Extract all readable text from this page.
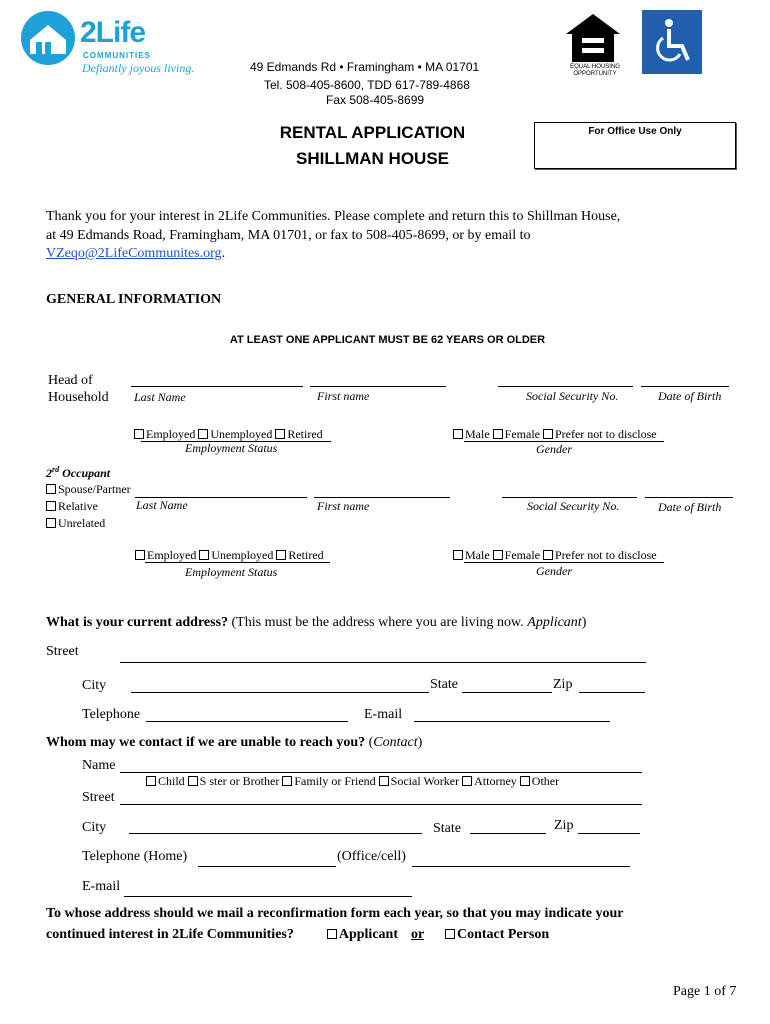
2Life
COMMUNITIES
Defiantly joyous living.	49 Edmands Rd • Framingham • MA 01701
Tel. 508-405-8600, TDD 617-789-4868
Fax 508-405-8699
EQUAL HOUSING OPPORTUNITY
RENTAL APPLICATION
SHILLMAN HOUSE
For Office Use Only
Thank you for your interest in 2Life Communities. Please complete and return this to Shillman House,
at 49 Edmands Road, Framingham, MA 01701, or fax to 508-405-8699, or by email to
VZeqo@2LifeCommunites.org.
GENERAL INFORMATION
AT LEAST ONE APPLICANT MUST BE 62 YEARS OR OLDER
Head of
Household Last Name	First name	Social Security No.	Date of Birth
Employed Unemployed Retired
Employment Status
Male Female Prefer not to disclose
Gender
2rd Occupant
Spouse/Partner
Relative
Unrelated
Last Name	First name	Social Security No.	Date of Birth
Employed Unemployed Retired
Employment Status
Male Female Prefer not to disclose
Gender
What is your current address? (This must be the address where you are living now. Applicant)
Street
City	State	Zip
Telephone	E-mail
Whom may we contact if we are unable to reach you? (Contact)
Name
Child S ster or Brother Family or Friend Social Worker Attorney Other
Street
City	State	Zip
Telephone (Home)	(Office/cell)
E-mail
To whose address should we mail a reconfirmation form each year, so that you may indicate your
continued interest in 2Life Communities?	Applicant or Contact Person
Page 1 of 7
